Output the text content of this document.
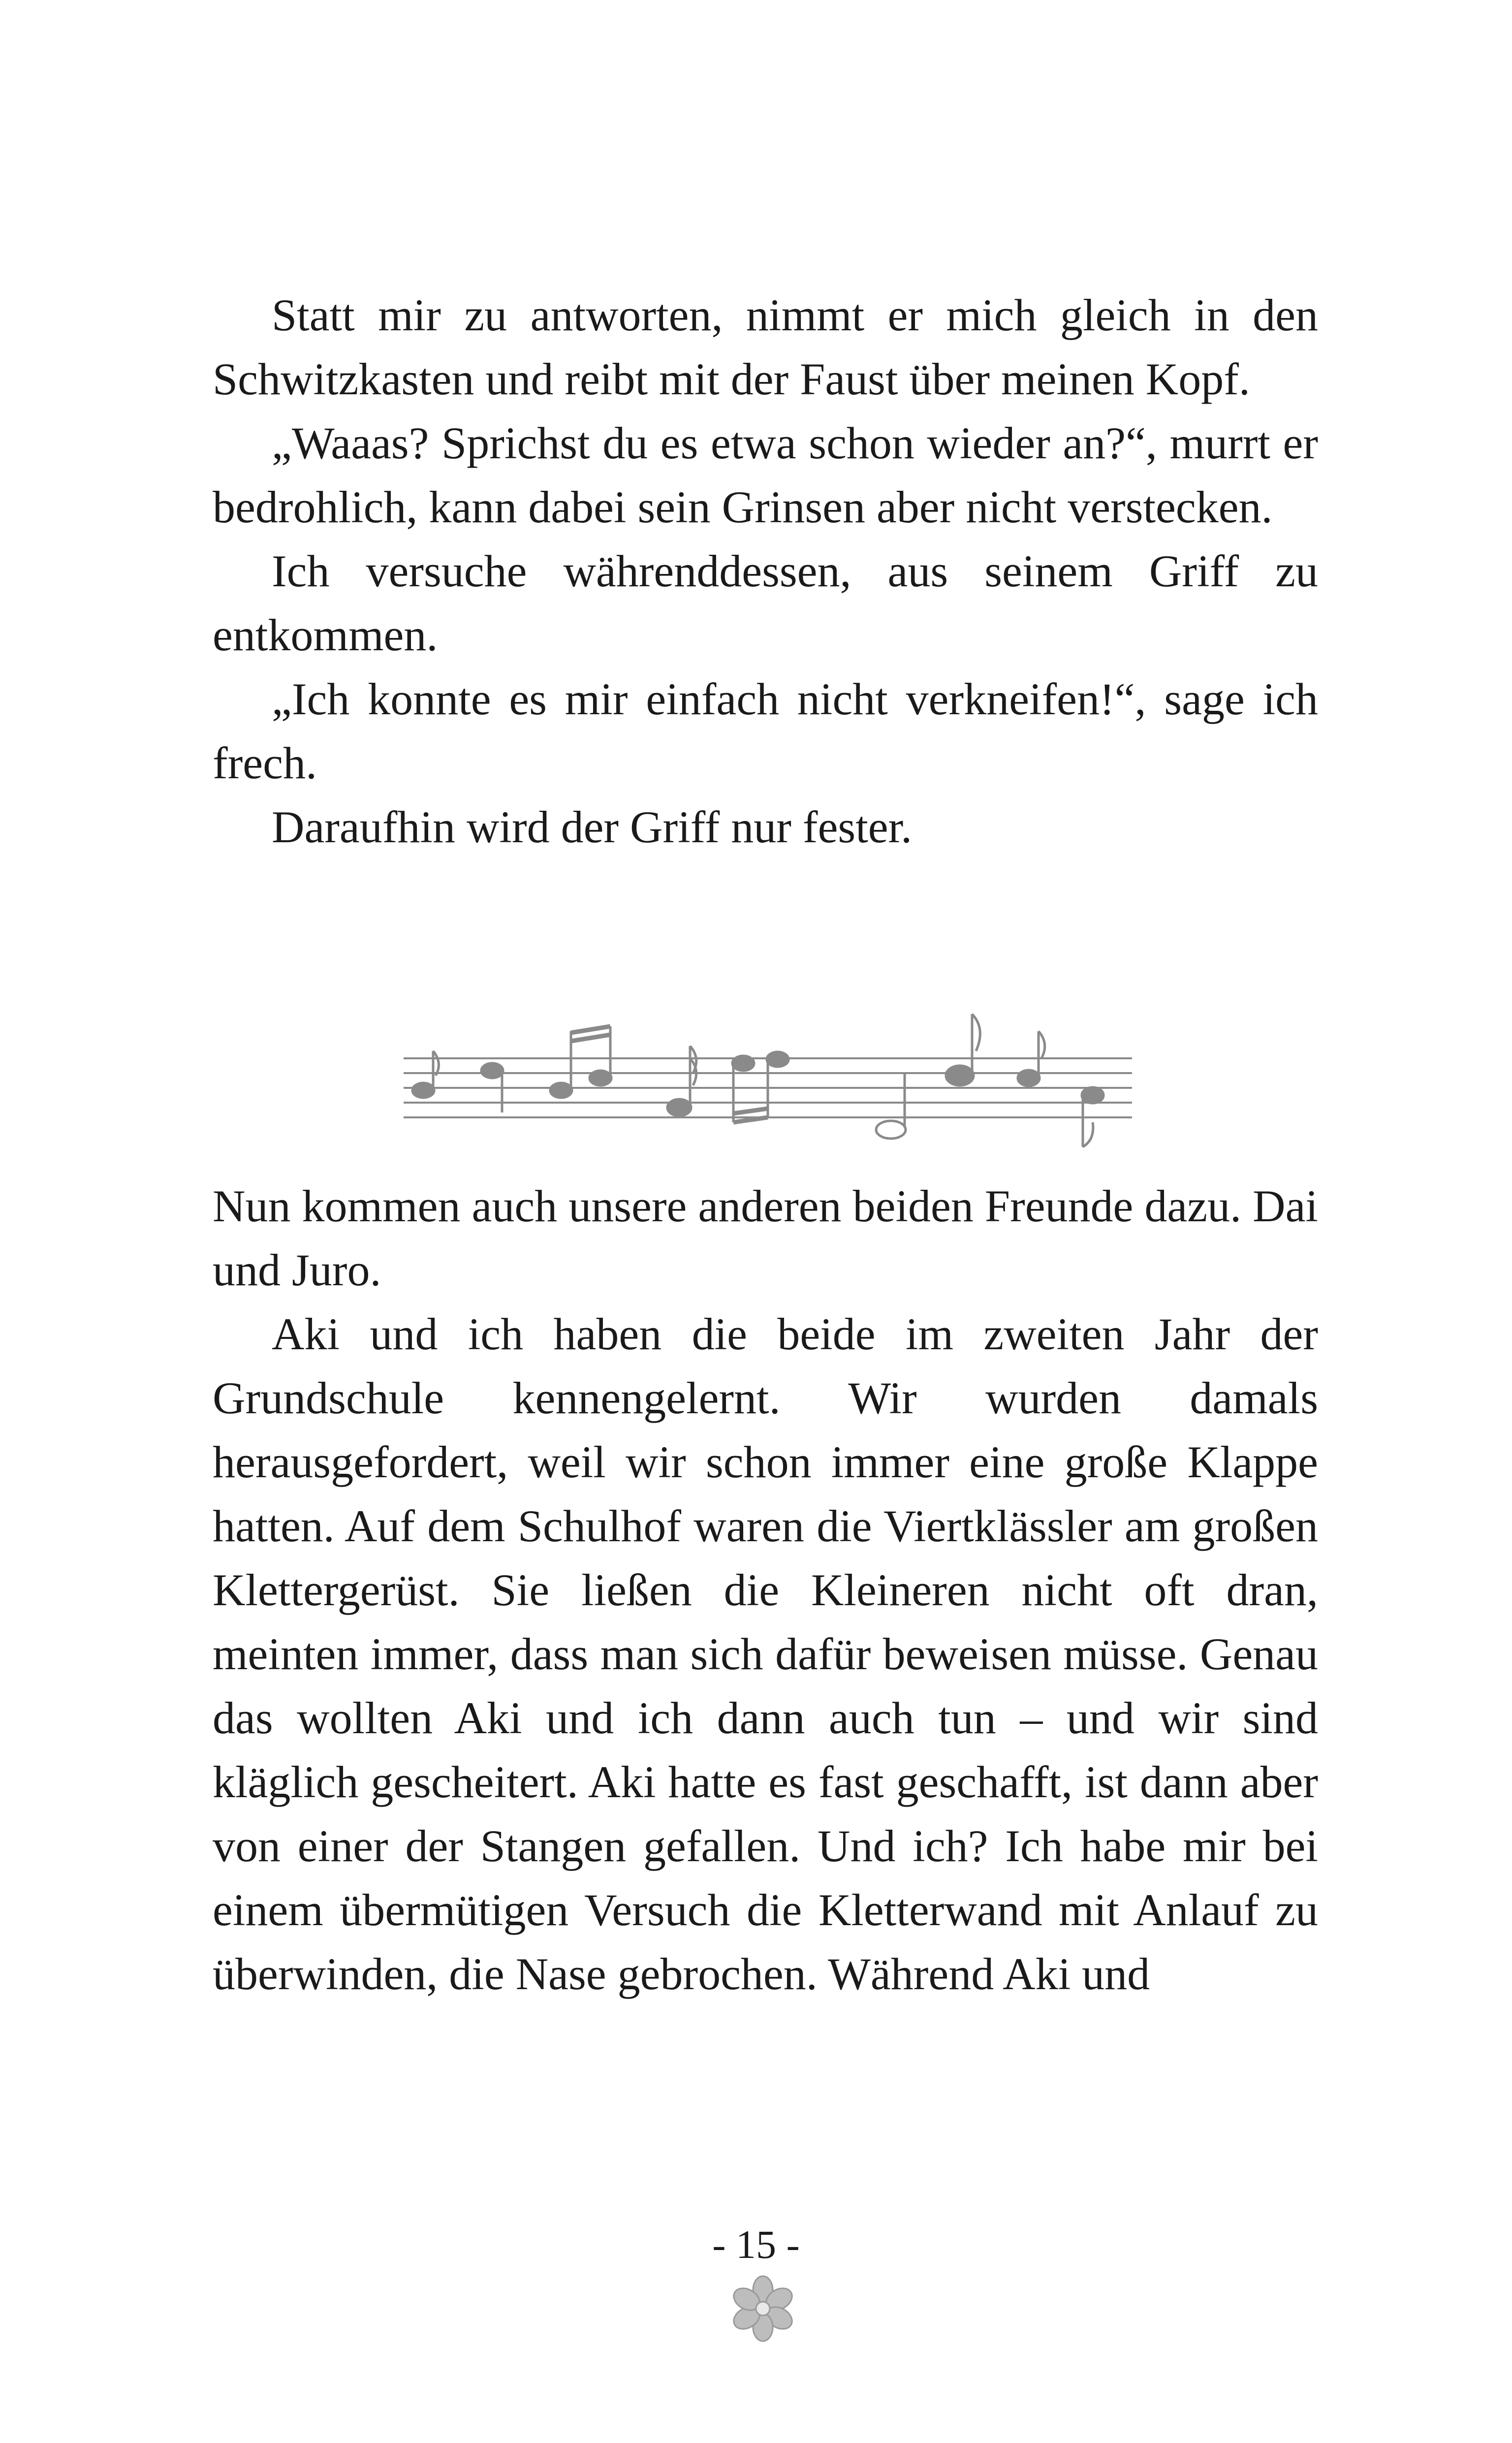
Statt mir zu antworten, nimmt er mich gleich in den Schwitzkasten und reibt mit der Faust über meinen Kopf.

„Waaas? Sprichst du es etwa schon wieder an?“, murrt er bedrohlich, kann dabei sein Grinsen aber nicht verstecken.

Ich versuche währenddessen, aus seinem Griff zu entkommen.

„Ich konnte es mir einfach nicht verkneifen!“, sage ich frech.

Daraufhin wird der Griff nur fester.

Nun kommen auch unsere anderen beiden Freunde dazu. Dai und Juro.

Aki und ich haben die beide im zweiten Jahr der Grundschule kennengelernt. Wir wurden damals herausgefordert, weil wir schon immer eine große Klappe hatten. Auf dem Schulhof waren die Viertklässler am großen Klettergerüst. Sie ließen die Kleineren nicht oft dran, meinten immer, dass man sich dafür beweisen müsse. Genau das wollten Aki und ich dann auch tun – und wir sind kläglich gescheitert. Aki hatte es fast geschafft, ist dann aber von einer der Stangen gefallen. Und ich? Ich habe mir bei einem übermütigen Versuch die Kletterwand mit Anlauf zu überwinden, die Nase gebrochen. Während Aki und

- 15 -
